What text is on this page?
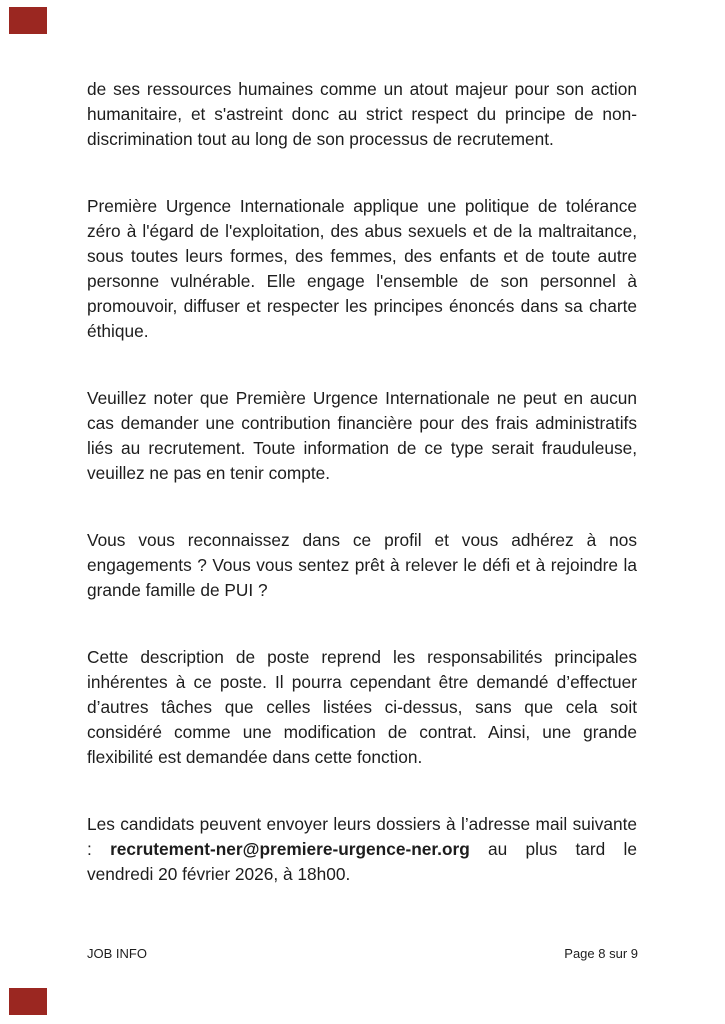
de ses ressources humaines comme un atout majeur pour son action humanitaire, et s'astreint donc au strict respect du principe de non-discrimination tout au long de son processus de recrutement.

Première Urgence Internationale applique une politique de tolérance zéro à l'égard de l'exploitation, des abus sexuels et de la maltraitance, sous toutes leurs formes, des femmes, des enfants et de toute autre personne vulnérable. Elle engage l'ensemble de son personnel à promouvoir, diffuser et respecter les principes énoncés dans sa charte éthique.

Veuillez noter que Première Urgence Internationale ne peut en aucun cas demander une contribution financière pour des frais administratifs liés au recrutement. Toute information de ce type serait frauduleuse, veuillez ne pas en tenir compte.

Vous vous reconnaissez dans ce profil et vous adhérez à nos engagements ? Vous vous sentez prêt à relever le défi et à rejoindre la grande famille de PUI ?

Cette description de poste reprend les responsabilités principales inhérentes à ce poste. Il pourra cependant être demandé d’effectuer d’autres tâches que celles listées ci-dessus, sans que cela soit considéré comme une modification de contrat. Ainsi, une grande flexibilité est demandée dans cette fonction.

Les candidats peuvent envoyer leurs dossiers à l’adresse mail suivante : recrutement-ner@premiere-urgence-ner.org au plus tard le vendredi 20 février 2026, à 18h00.

JOB INFO	Page 8 sur 9
